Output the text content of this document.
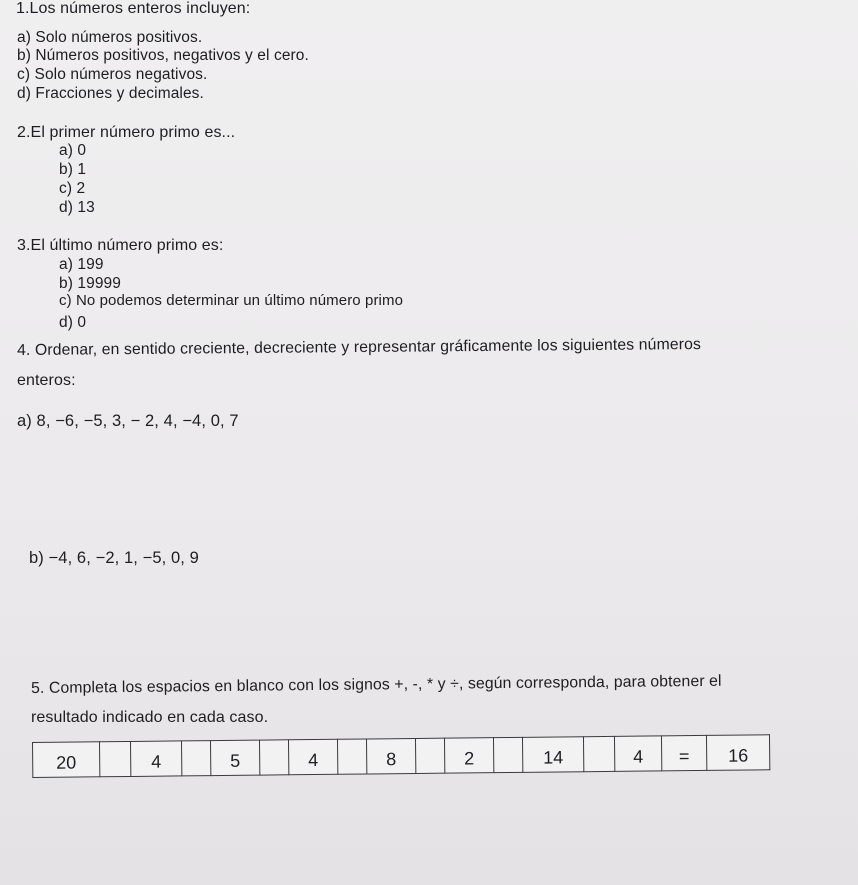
1.Los números enteros incluyen:
a) Solo números positivos.
b) Números positivos, negativos y el cero.
c) Solo números negativos.
d) Fracciones y decimales.
2.El primer número primo es...
a) 0
b) 1
c) 2
d) 13
3.El último número primo es:
a) 199
b) 19999
c) No podemos determinar un último número primo
d) 0
4. Ordenar, en sentido creciente, decreciente y representar gráficamente los siguientes números
enteros:
a) 8, −6, −5, 3, − 2, 4, −4, 0, 7
b) −4, 6, −2, 1, −5, 0, 9
5. Completa los espacios en blanco con los signos +, -, * y ÷, según corresponda, para obtener el
resultado indicado en cada caso.
20		4		5		4		8		2		14		4	=	16
